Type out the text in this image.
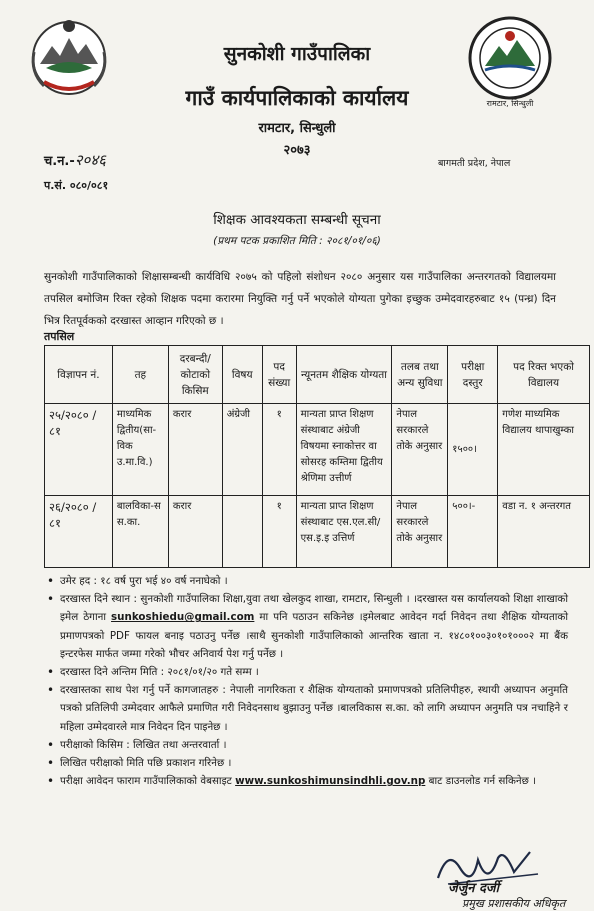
सुनकोशी गाउँपालिका
गाउँ कार्यपालिकाको कार्यालय
रामटार, सिन्धुली
२०७३
रामटार, सिन्धुली
च.न.-२०४६
प.सं. ०८०/०८१
बागमती प्रदेश, नेपाल
शिक्षक आवश्यकता सम्बन्धी सूचना
(प्रथम पटक प्रकाशित मिति : २०८१/०१/०६)
सुनकोशी गाउँपालिकाको शिक्षासम्बन्धी कार्यविधि २०७५ को पहिलो संशोधन २०८० अनुसार यस गाउँपालिका अन्तरगतको विद्यालयमा तपसिल बमोजिम रिक्त रहेको शिक्षक पदमा करारमा नियुक्ति गर्नु पर्ने भएकोले योग्यता पुगेका इच्छुक उम्मेदवारहरुबाट १५ (पन्ध्र) दिन भित्र रितपूर्वकको दरखास्त आव्हान गरिएको छ ।
तपसिल
विज्ञापन नं.	तह	दरबन्दी/ कोटाको किसिम	विषय	पद संख्या	न्यूनतम शैक्षिक योग्यता	तलब तथा अन्य सुविधा	परीक्षा दस्तुर	पद रिक्त भएको विद्यालय
२५/२०८० /८१	माध्यमिक द्वितीय(सा-विक उ.मा.वि.)	करार	अंग्रेजी	१	मान्यता प्राप्त शिक्षण संस्थाबाट अंग्रेजी विषयमा स्नाकोत्तर वा सोसरह कम्तिमा द्वितीय श्रेणिमा उत्तीर्ण	नेपाल सरकारले तोके अनुसार	१५००।	गणेश माध्यमिक विद्यालय थापाखुम्का
२६/२०८० /८१	बालविका-स स.का.	करार		१	मान्यता प्राप्त शिक्षण संस्थाबाट एस.एल.सी/एस.इ.इ उत्तिर्ण	नेपाल सरकारले तोके अनुसार	५००।-	वडा न. १ अन्तरगत
• उमेर हद : १८ वर्ष पुरा भई ४० वर्ष ननाघेको ।
• दरखास्त दिने स्थान : सुनकोशी गाउँपालिका शिक्षा,युवा तथा खेलकुद शाखा, रामटार, सिन्धुली । ।दरखास्त यस कार्यालयको शिक्षा शाखाको इमेल ठेगाना sunkoshiedu@gmail.com मा पनि पठाउन सकिनेछ ।इमेलबाट आवेदन गर्दा निवेदन तथा शैक्षिक योग्यताको प्रमाणपत्रको PDF फायल बनाइ पठाउनु पर्नेछ ।साथै सुनकोशी गाउँपालिकाको आन्तरिक खाता न. १४८०१००३०१०१०००२ मा बैंक इन्टरफेस मार्फत जम्मा गरेको भौचर अनिवार्य पेश गर्नु पर्नेछ ।
• दरखास्त दिने अन्तिम मिति : २०८१/०१/२० गते सम्म ।
• दरखास्तका साथ पेश गर्नु पर्ने कागजातहरु : नेपाली नागरिकता र शैक्षिक योग्यताको प्रमाणपत्रको प्रतिलिपीहरु, स्थायी अध्यापन अनुमति पत्रको प्रतिलिपी उम्मेदवार आफैले प्रमाणित गरी निवेदनसाथ बुझाउनु पर्नेछ ।बालविकास स.का. को लागि अध्यापन अनुमति पत्र नचाहिने र महिला उम्मेदवारले मात्र निवेदन दिन पाइनेछ ।
• परीक्षाको किसिम : लिखित तथा अन्तरवार्ता ।
• लिखित परीक्षाको मिति पछि प्रकाशन गरिनेछ ।
• परीक्षा आवेदन फाराम गाउँपालिकाको वेबसाइट www.sunkoshimunsindhli.gov.np बाट डाउनलोड गर्न सकिनेछ ।
जेर्जुन दर्जी
प्रमुख प्रशासकीय अधिकृत
